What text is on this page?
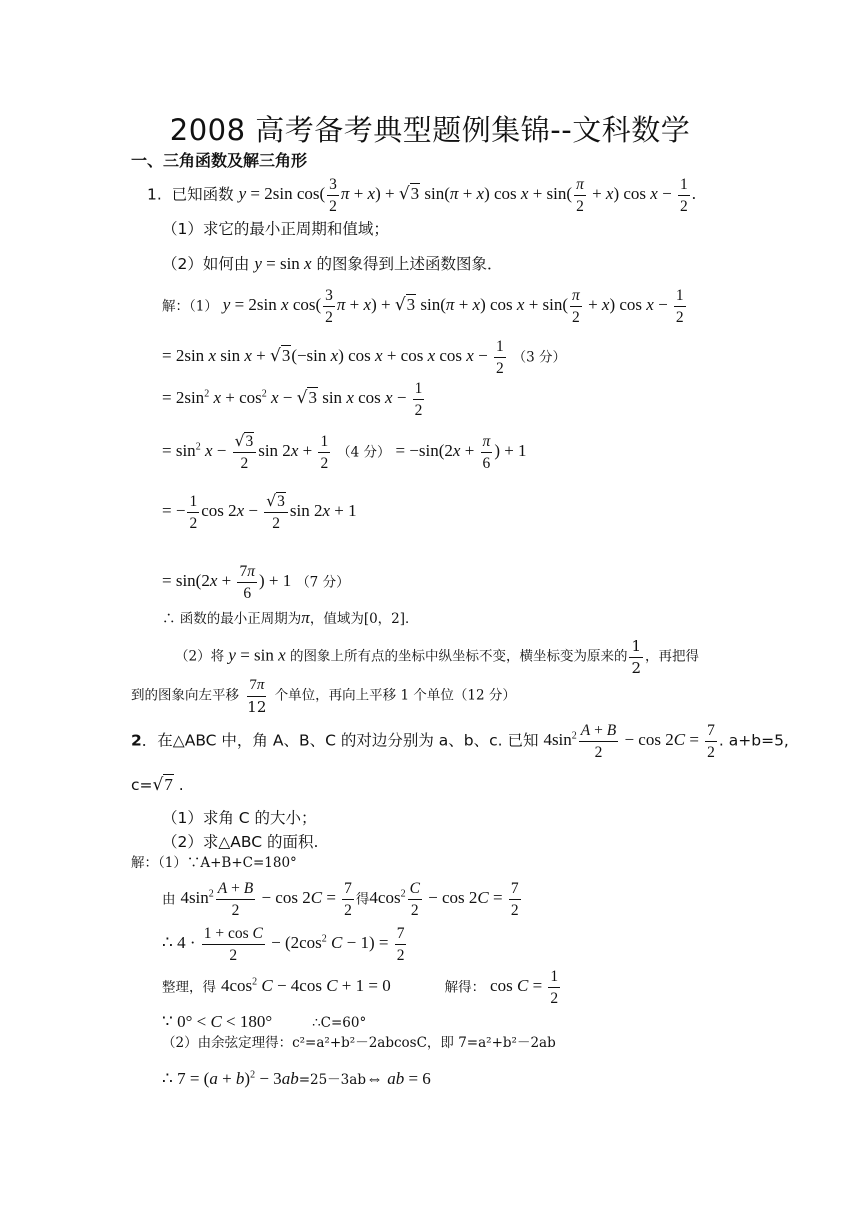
2008 高考备考典型题例集锦--文科数学
一、三角函数及解三角形
1. 已知函数 y = 2sin $\cos( \frac{3}{2}$ π + x) + √3 sin(π + x) $\cos x + \sin( \frac{\pi}{2} + x)$ $\cos x - \frac{1}{2}$ .
（1）求它的最小正周期和值域；
（2）如何由 y = sin x 的图象得到上述函数图象．
解：（1） y = 2sin x $\cos( \frac{3}{2}$ π + x) + √3 sin(π + x) $\cos x + \sin( \frac{\pi}{2} + x)$ $\cos x - \frac{1}{2}$
= 2sin x sin x + √3(−sin x) cos x + cos x $\cos x - \frac{1}{2} (3$ 分）
= $2\sin^2$ $x + \cos^2 x - √3$ sin x $\cos x - \frac{1}{2}$
= $\sin^2 x - \frac{√3}{2}$ $\sin 2x + \frac{1}{2} (4$ 分） = $-\sin(2x + \frac{\pi}{6}$ ) + 1
= − $\frac{1}{2}$ $\cos 2x - \frac{√3}{2}$ sin 2x + 1
= $\sin(2x + \frac{7\pi}{6}$ ) + 1 （7 分）
∴ 函数的最小正周期为π，值域为[0，2]．
（2）将 y = sin x 的图象上所有点的坐标中纵坐标不变，横坐标变为原来的 $\frac{1}{2}$ ，再把得
到的图象向左平移 $\frac{7\pi}{12}$ 个单位，再向上平移 1 个单位（12 分）
2．在△ABC 中，角 A、B、C 的对边分别为 a、b、c. 已知 $4\sin^2 \frac{A + B}{2} - \cos 2C = \frac{7}{2}$ . a+b=5,
c=√7 .
（1）求角 C 的大小；
（2）求△ABC 的面积.
解：（1）∵A+B+C=180°
由 $4\sin^2 \frac{A + B}{2} - \cos 2C = \frac{7}{2}$ 得$4\cos^2 \frac{C}{2} - \cos 2C = \frac{7}{2}$
∴ $4 \cdot \frac{\text{1 + cos C}}{2} - (2\cos^2$ $C - 1) = \frac{7}{2}$
整理，得 $4\cos^2$ C − 4cos C + 1 = 0	解得： $\cos C = \frac{1}{2}$
∵ 0° < C < 180°	∴C=60°
（2）由余弦定理得：c²=a²+b²－2abcosC，即 7=a²+b²－2ab
∴ $7 = (a + b)^2$ − 3ab=25－3ab⇔ ab = 6
